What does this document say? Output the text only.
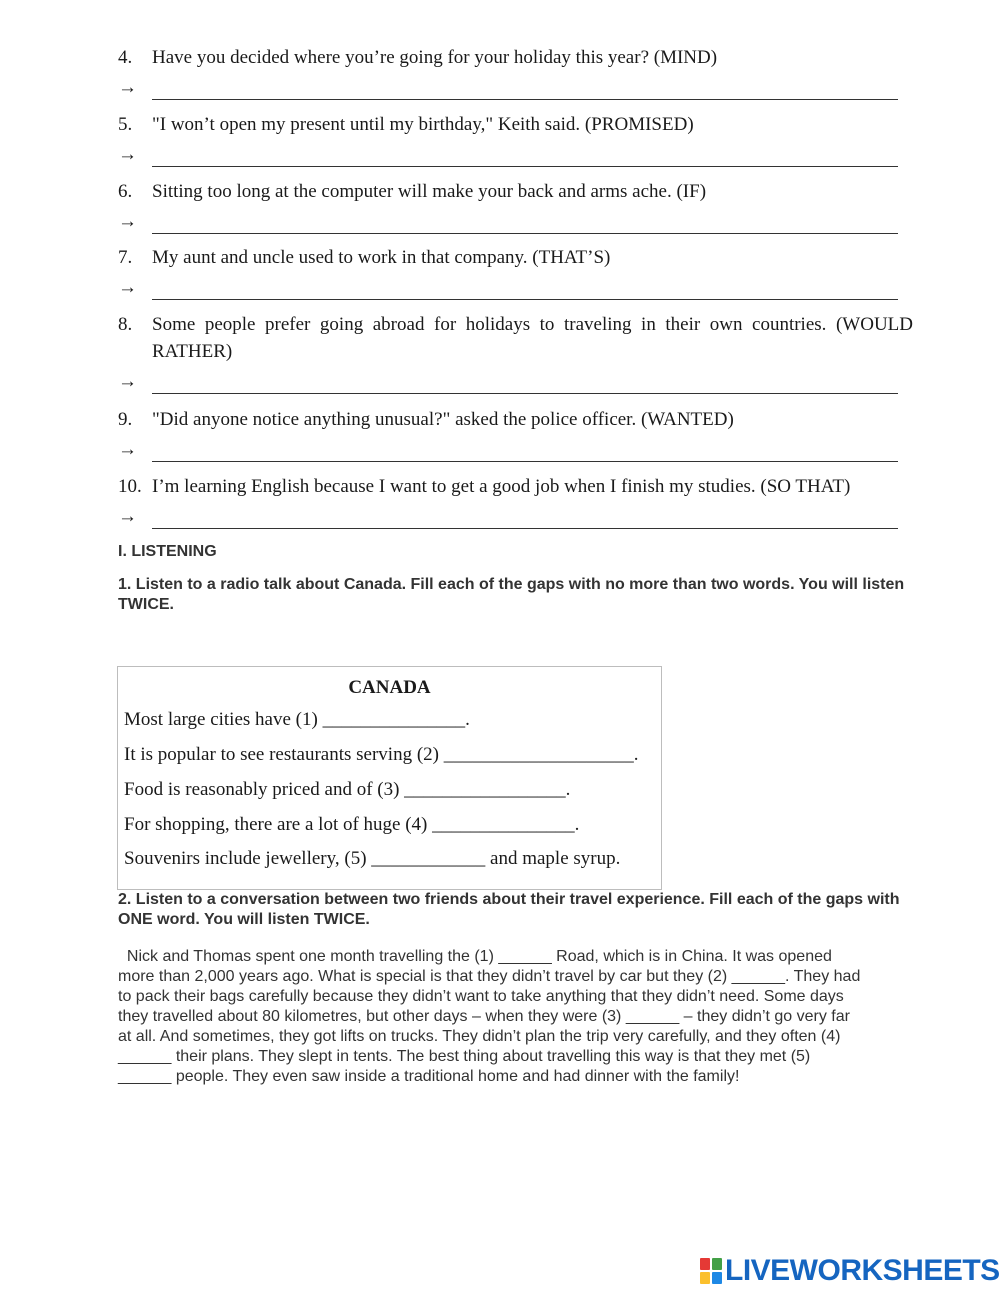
4. Have you decided where you’re going for your holiday this year? (MIND)
→
5. "I won’t open my present until my birthday," Keith said. (PROMISED)
→
6. Sitting too long at the computer will make your back and arms ache. (IF)
→
7. My aunt and uncle used to work in that company. (THAT’S)
→
8. Some people prefer going abroad for holidays to traveling in their own countries. (WOULD RATHER)
→
9. "Did anyone notice anything unusual?" asked the police officer. (WANTED)
→
10. I’m learning English because I want to get a good job when I finish my studies. (SO THAT)
→
I. LISTENING
1. Listen to a radio talk about Canada. Fill each of the gaps with no more than two words. You will listen TWICE.
CANADA
Most large cities have (1) _______________.
It is popular to see restaurants serving (2) ____________________.
Food is reasonably priced and of (3) _________________.
For shopping, there are a lot of huge (4) _______________.
Souvenirs include jewellery, (5) ____________ and maple syrup.
2. Listen to a conversation between two friends about their travel experience. Fill each of the gaps with ONE word. You will listen TWICE.

Nick and Thomas spent one month travelling the (1) ______ Road, which is in China. It was opened

more than 2,000 years ago. What is special is that they didn’t travel by car but they (2) ______. They had

to pack their bags carefully because they didn’t want to take anything that they didn’t need. Some days

they travelled about 80 kilometres, but other days – when they were (3) ______ – they didn’t go very far

at all. And sometimes, they got lifts on trucks. They didn’t plan the trip very carefully, and they often (4)

______ their plans. They slept in tents. The best thing about travelling this way is that they met (5)

______ people. They even saw inside a traditional home and had dinner with the family!

LIVEWORKSHEETS
